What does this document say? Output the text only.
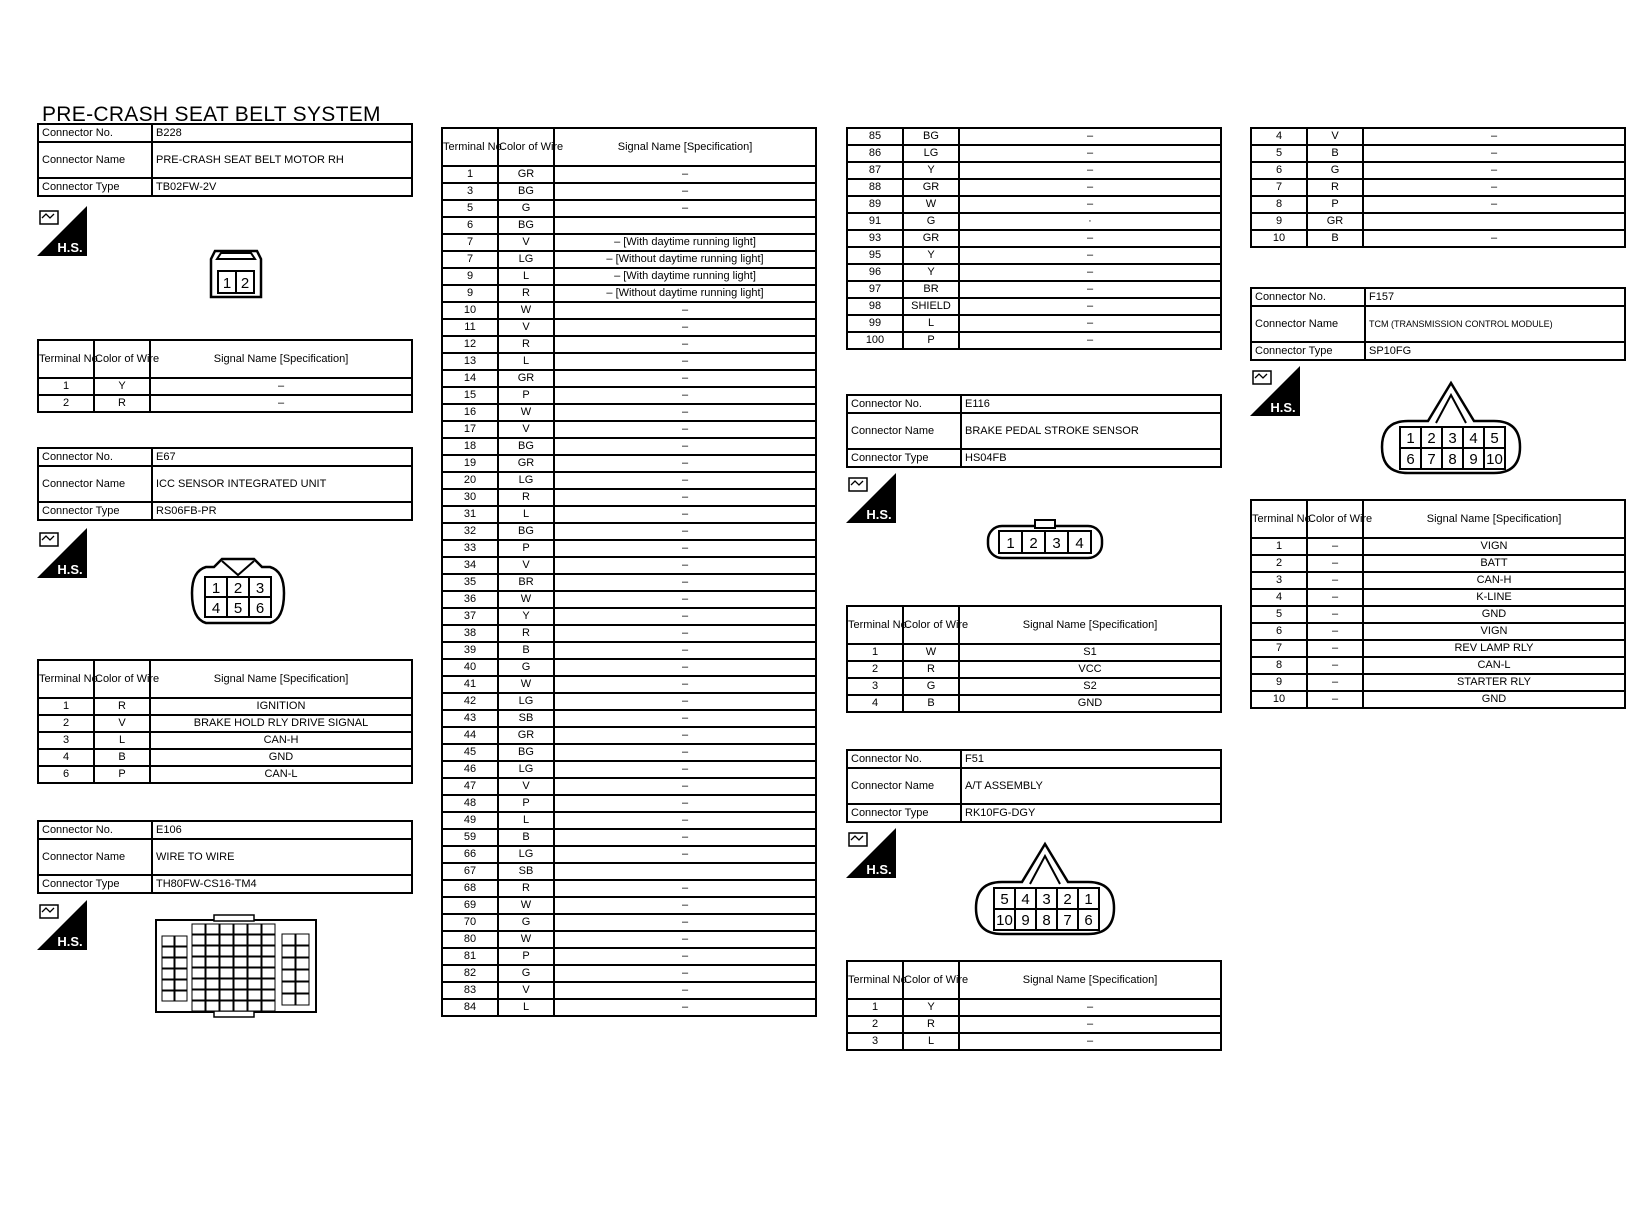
PRE-CRASH SEAT BELT SYSTEM
Connector No.	B228
Connector Name	PRE-CRASH SEAT BELT MOTOR RH
Connector Type	TB02FW-2V
H.S.
1 2
Terminal No.	Color of Wire	Signal Name [Specification]
1	Y	–
2	R	–
Connector No.	E67
Connector Name	ICC SENSOR INTEGRATED UNIT
Connector Type	RS06FB-PR
H.S.
1 2 3
4 5 6
Terminal No.	Color of Wire	Signal Name [Specification]
1	R	IGNITION
2	V	BRAKE HOLD RLY DRIVE SIGNAL
3	L	CAN-H
4	B	GND
6	P	CAN-L
Connector No.	E106
Connector Name	WIRE TO WIRE
Connector Type	TH80FW-CS16-TM4
H.S.
Terminal No.	Color of Wire	Signal Name [Specification]
1	GR	–
3	BG	–
5	G	–
6	BG	
7	V	– [With daytime running light]
7	LG	– [Without daytime running light]
9	L	– [With daytime running light]
9	R	– [Without daytime running light]
10	W	–
11	V	–
12	R	–
13	L	–
14	GR	–
15	P	–
16	W	–
17	V	–
18	BG	–
19	GR	–
20	LG	–
30	R	–
31	L	–
32	BG	–
33	P	–
34	V	–
35	BR	–
36	W	–
37	Y	–
38	R	–
39	B	–
40	G	–
41	W	–
42	LG	–
43	SB	–
44	GR	–
45	BG	–
46	LG	–
47	V	–
48	P	–
49	L	–
59	B	–
66	LG	–
67	SB	
68	R	–
69	W	–
70	G	–
80	W	–
81	P	–
82	G	–
83	V	–
84	L	–
85	BG	–
86	LG	–
87	Y	–
88	GR	–
89	W	–
91	G	·
93	GR	–
95	Y	–
96	Y	–
97	BR	–
98	SHIELD	–
99	L	–
100	P	–
Connector No.	E116
Connector Name	BRAKE PEDAL STROKE SENSOR
Connector Type	HS04FB
H.S.
1 2 3 4
Terminal No.	Color of Wire	Signal Name [Specification]
1	W	S1
2	R	VCC
3	G	S2
4	B	GND
Connector No.	F51
Connector Name	A/T ASSEMBLY
Connector Type	RK10FG-DGY
H.S.
5 4 3 2 1
10 9 8 7 6
Terminal No.	Color of Wire	Signal Name [Specification]
1	Y	–
2	R	–
3	L	–
4	V	–
5	B	–
6	G	–
7	R	–
8	P	–
9	GR	
10	B	–
Connector No.	F157
Connector Name	TCM (TRANSMISSION CONTROL MODULE)
Connector Type	SP10FG
H.S.
1 2 3 4 5
6 7 8 9 10
Terminal No.	Color of Wire	Signal Name [Specification]
1	–	VIGN
2	–	BATT
3	–	CAN-H
4	–	K-LINE
5	–	GND
6	–	VIGN
7	–	REV LAMP RLY
8	–	CAN-L
9	–	STARTER RLY
10	–	GND
